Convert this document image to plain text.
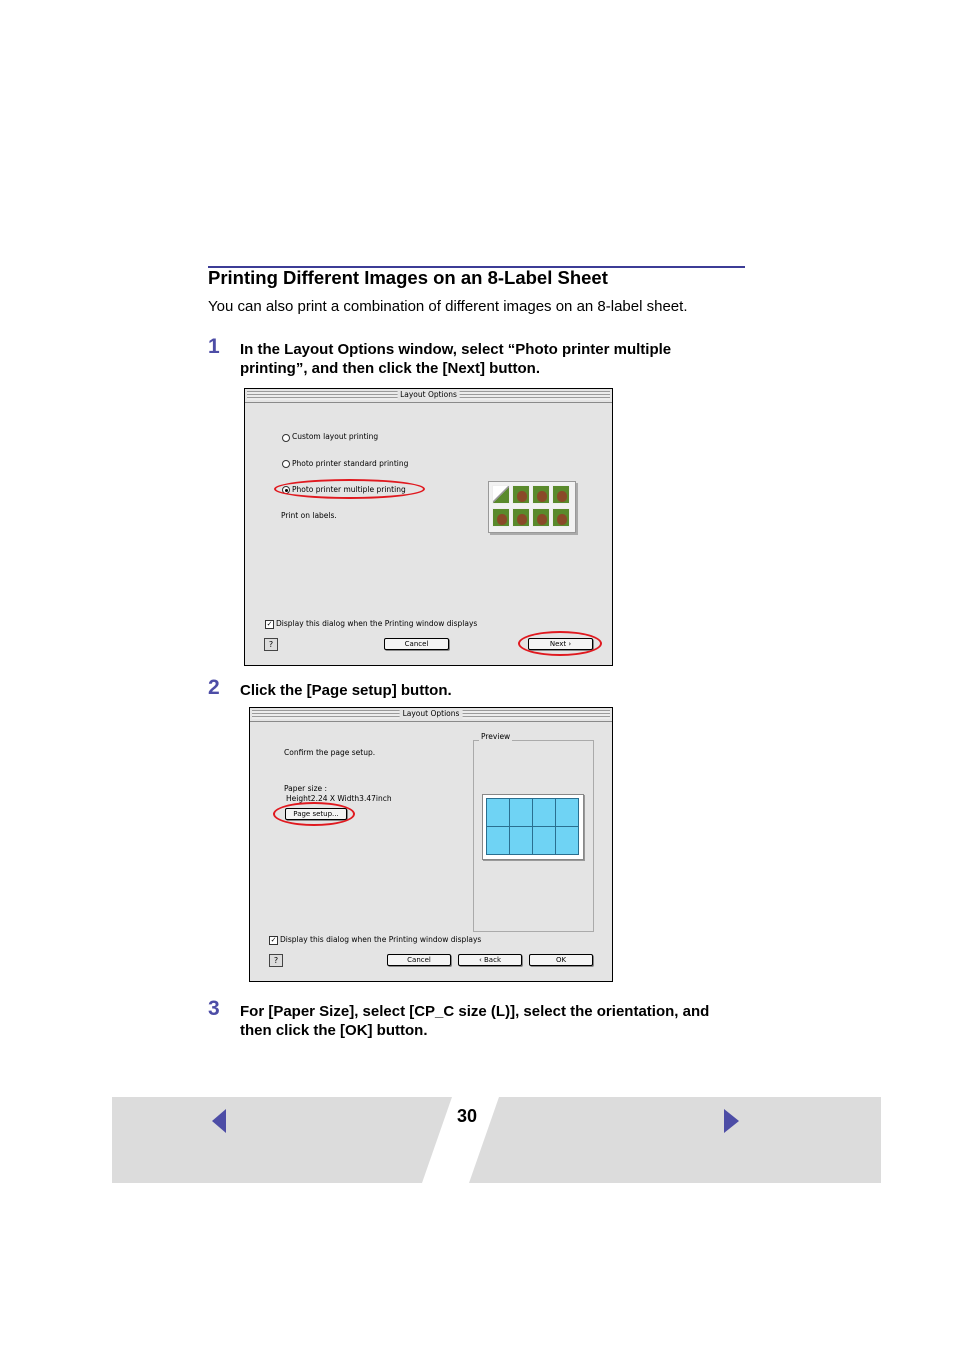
Printing Different Images on an 8-Label Sheet
You can also print a combination of different images on an 8-label sheet.
1 In the Layout Options window, select “Photo printer multiple
printing”, and then click the [Next] button.
Layout Options
Custom layout printing
Photo printer standard printing
Photo printer multiple printing
Print on labels.
✓ Display this dialog when the Printing window displays
?	Cancel	Next ›
2 Click the [Page setup] button.
Layout Options
Confirm the page setup.
Paper size :
Height2.24 X Width3.47inch
Page setup...
Preview
✓ Display this dialog when the Printing window displays
?	Cancel	‹ Back	OK
3 For [Paper Size], select [CP_C size (L)], select the orientation, and
then click the [OK] button.
30
